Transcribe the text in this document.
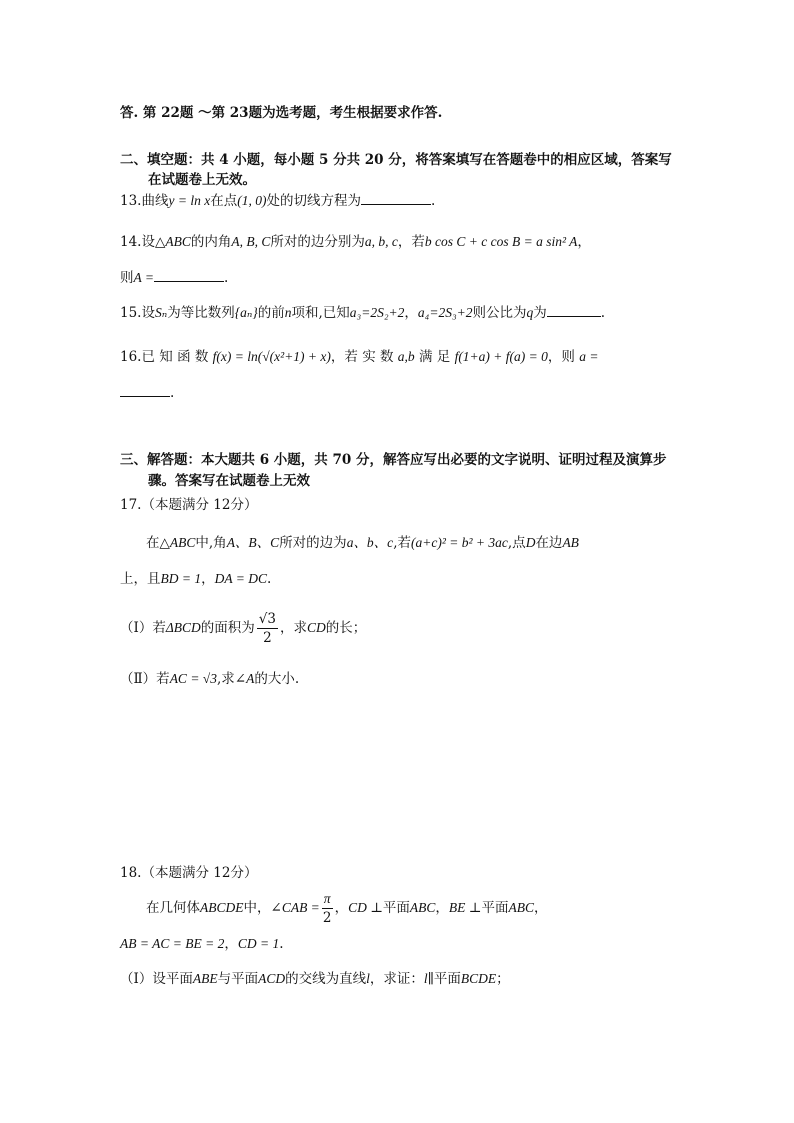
答. 第 22题 ～第 23题为选考题，考生根据要求作答.
二、填空题：共 4 小题，每小题 5 分共 20 分，将答案填写在答题卷中的相应区域，答案写
在试题卷上无效。
13.曲线y = ln x在点(1, 0)处的切线方程为	.
14.设△ABC的内角A, B, C所对的边分别为a, b, c，若b cos C + c cos B = a sin² A，
则A =	.
15.设Sₙ为等比数列{aₙ}的前n项和,已知a₃=2S₂+2，a₄=2S₃+2则公比为q为	.
16.已 知 函 数 f(x) = ln(√(x²+1) + x)，若 实 数 a,b 满 足 f(1+a) + f(a) = 0，则 a =
.
三、解答题：本大题共 6 小题，共 70 分，解答应写出必要的文字说明、证明过程及演算步
骤。答案写在试题卷上无效
17.（本题满分 12分）
在△ABC中,角A、B、C所对的边为a、b、c,若(a+c)² = b² + 3ac,点D在边AB
上，且BD = 1，DA = DC.
（Ⅰ）若ΔBCD的面积为 $\frac{√3}{2}$ ，求CD的长；
（Ⅱ）若AC = √3,求∠A的大小.
18.（本题满分 12分）
在几何体ABCDE中，∠CAB = $\frac{\pi}{2}$ ，CD ⊥平面ABC，BE ⊥平面ABC，
AB = AC = BE = 2，CD = 1.
（Ⅰ）设平面ABE与平面ACD的交线为直线l，求证：l∥平面BCDE；
